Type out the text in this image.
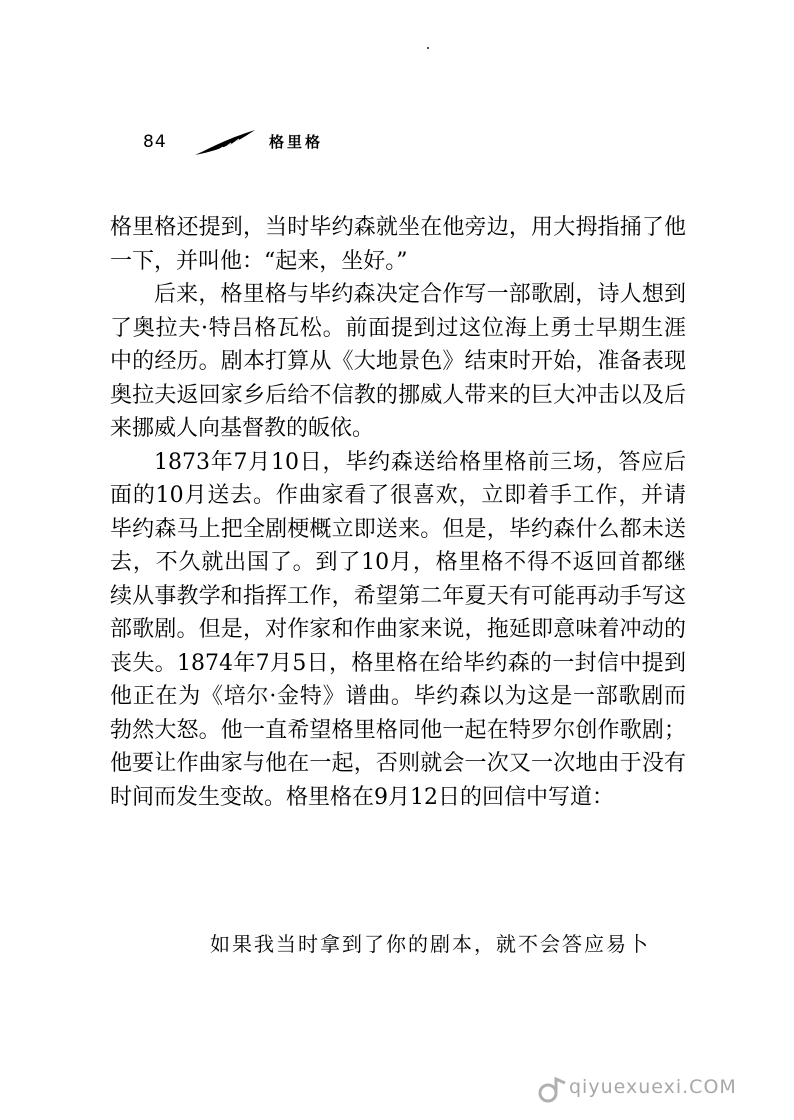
84	格里格

格里格还提到，当时毕约森就坐在他旁边，用大拇指捅了他一下，并叫他：“起来，坐好。”

后来，格里格与毕约森决定合作写一部歌剧，诗人想到了奥拉夫·特吕格瓦松。前面提到过这位海上勇士早期生涯中的经历。剧本打算从《大地景色》结束时开始，准备表现奥拉夫返回家乡后给不信教的挪威人带来的巨大冲击以及后来挪威人向基督教的皈依。

1873年7月10日，毕约森送给格里格前三场，答应后面的10月送去。作曲家看了很喜欢，立即着手工作，并请毕约森马上把全剧梗概立即送来。但是，毕约森什么都未送去，不久就出国了。到了10月，格里格不得不返回首都继续从事教学和指挥工作，希望第二年夏天有可能再动手写这部歌剧。但是，对作家和作曲家来说，拖延即意味着冲动的丧失。1874年7月5日，格里格在给毕约森的一封信中提到他正在为《培尔·金特》谱曲。毕约森以为这是一部歌剧而勃然大怒。他一直希望格里格同他一起在特罗尔创作歌剧；他要让作曲家与他在一起，否则就会一次又一次地由于没有时间而发生变故。格里格在9月12日的回信中写道：

如果我当时拿到了你的剧本，就不会答应易卜
qiyuexuexi.COM
